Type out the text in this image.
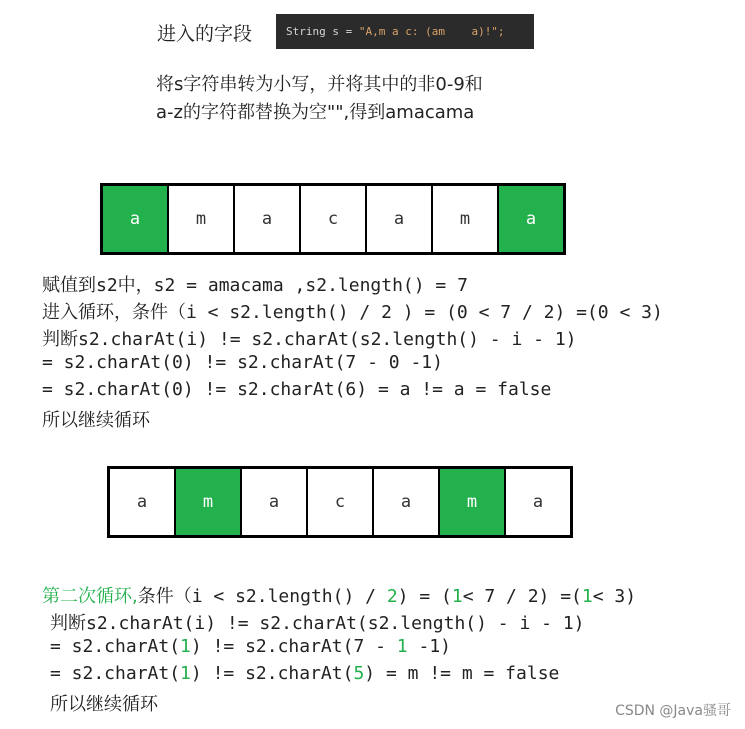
进入的字段	String s = "A,m a c: (am    a)!";
将s字符串转为小写，并将其中的非0-9和
a-z的字符都替换为空"",得到amacama
a	m	a	c	a	m	a
赋值到s2中，s2 = amacama ,s2.length() = 7
进入循环，条件（i < s2.length() / 2 ) = (0 < 7 / 2) =(0 < 3)
判断s2.charAt(i) != s2.charAt(s2.length() - i - 1)
= s2.charAt(0) != s2.charAt(7 - 0 -1)
= s2.charAt(0) != s2.charAt(6) = a != a = false
所以继续循环
a	m	a	c	a	m	a
第二次循环,条件（i < s2.length() / 2) = (1< 7 / 2) =(1< 3)
判断s2.charAt(i) != s2.charAt(s2.length() - i - 1)
= s2.charAt(1) != s2.charAt(7 - 1 -1)
= s2.charAt(1) != s2.charAt(5) = m != m = false
所以继续循环	CSDN @Java骚哥
